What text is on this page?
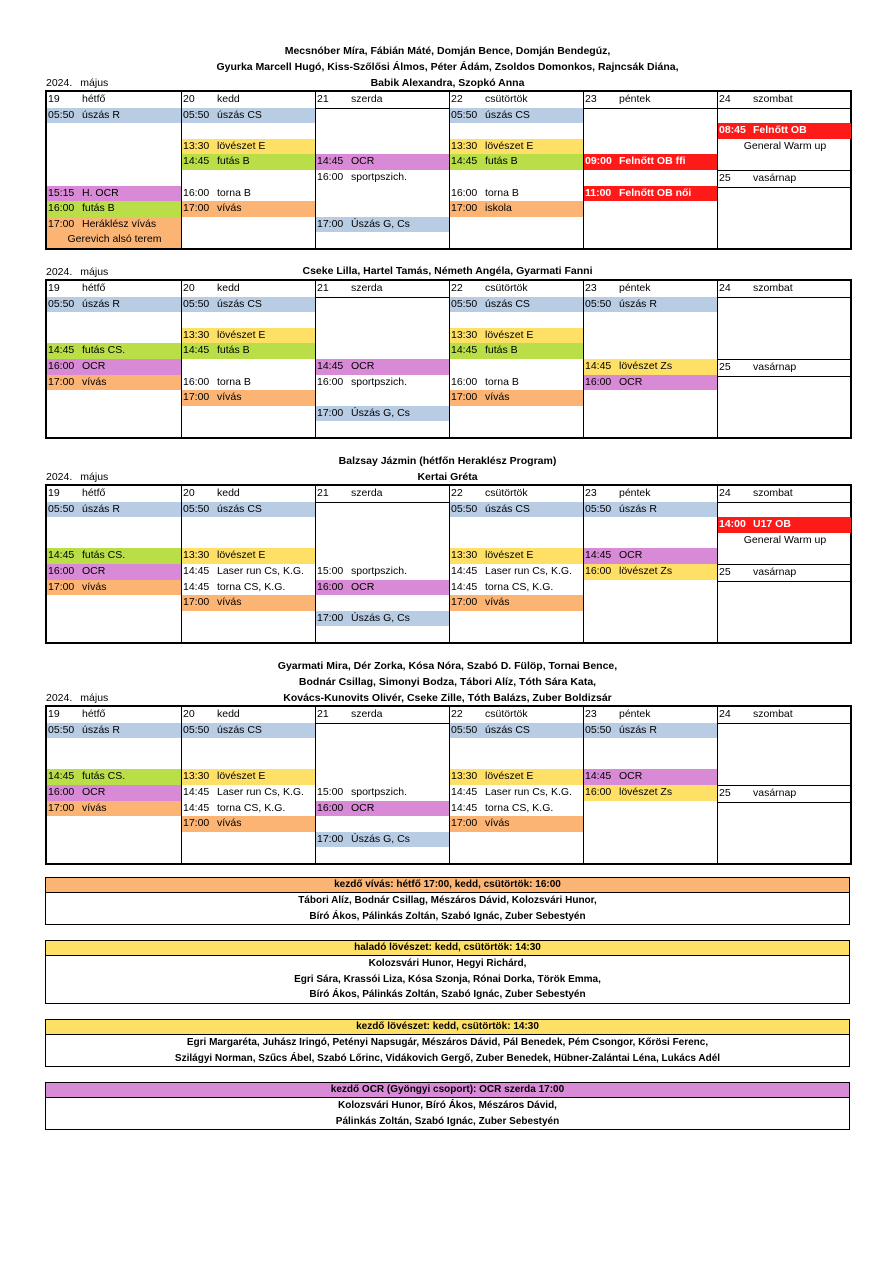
Mecsnóber Míra, Fábián Máté, Domján Bence, Domján Bendegúz,
Gyurka Marcell Hugó, Kiss-Szőlősi Álmos, Péter Ádám, Zsoldos Domonkos, Rajncsák Diána,
Babik Alexandra, Szopkó Anna
2024. május
19 hétfő
05:50 úszás R
15:15 H. OCR
16:00 futás B
17:00 Heráklész vívás
Gerevich alsó terem
20 kedd
05:50 úszás CS
13:30 lövészet E
14:45 futás B
16:00 torna B
17:00 vívás
21 szerda
14:45 OCR
16:00 sportpszich.
17:00 Úszás G, Cs
22 csütörtök
05:50 úszás CS
13:30 lövészet E
14:45 futás B
16:00 torna B
17:00 iskola
23 péntek
09:00 Felnőtt OB ffi
11:00 Felnőtt OB női
24 szombat
08:45 Felnőtt OB
General Warm up
25 vasárnap
2024. május	Cseke Lilla, Hartel Tamás, Németh Angéla, Gyarmati Fanni
19 hétfő
05:50 úszás R
14:45 futás CS.
16:00 OCR
17:00 vívás
20 kedd
05:50 úszás CS
13:30 lövészet E
14:45 futás B
16:00 torna B
17:00 vívás
21 szerda
14:45 OCR
16:00 sportpszich.
17:00 Úszás G, Cs
22 csütörtök
05:50 úszás CS
13:30 lövészet E
14:45 futás B
16:00 torna B
17:00 vívás
23 péntek
05:50 úszás R
14:45 lövészet Zs
16:00 OCR
24 szombat
25 vasárnap
Balzsay Jázmin (hétfőn Heraklész Program)
Kertai Gréta
2024. május
19 hétfő
05:50 úszás R
14:45 futás CS.
16:00 OCR
17:00 vívás
20 kedd
05:50 úszás CS
13:30 lövészet E
14:45 Laser run Cs, K.G.
14:45 torna CS, K.G.
17:00 vívás
21 szerda
15:00 sportpszich.
16:00 OCR
17:00 Úszás G, Cs
22 csütörtök
05:50 úszás CS
13:30 lövészet E
14:45 Laser run Cs, K.G.
14:45 torna CS, K.G.
17:00 vívás
23 péntek
05:50 úszás R
14:45 OCR
16:00 lövészet Zs
24 szombat
14:00 U17 OB
General Warm up
25 vasárnap
Gyarmati Mira, Dér Zorka, Kósa Nóra, Szabó D. Fülöp, Tornai Bence,
Bodnár Csillag, Simonyi Bodza, Tábori Alíz, Tóth Sára Kata,
Kovács-Kunovits Olivér, Cseke Zille, Tóth Balázs, Zuber Boldizsár
2024. május
19 hétfő
05:50 úszás R
14:45 futás CS.
16:00 OCR
17:00 vívás
20 kedd
05:50 úszás CS
13:30 lövészet E
14:45 Laser run Cs, K.G.
14:45 torna CS, K.G.
17:00 vívás
21 szerda
15:00 sportpszich.
16:00 OCR
17:00 Úszás G, Cs
22 csütörtök
05:50 úszás CS
13:30 lövészet E
14:45 Laser run Cs, K.G.
14:45 torna CS, K.G.
17:00 vívás
23 péntek
05:50 úszás R
14:45 OCR
16:00 lövészet Zs
24 szombat
25 vasárnap
kezdő vívás: hétfő 17:00, kedd, csütörtök: 16:00
Tábori Alíz, Bodnár Csillag, Mészáros Dávid, Kolozsvári Hunor,
Bíró Ákos, Pálinkás Zoltán, Szabó Ignác, Zuber Sebestyén
haladó lövészet: kedd, csütörtök: 14:30
Kolozsvári Hunor, Hegyi Richárd,
Egri Sára, Krassói Liza, Kósa Szonja, Rónai Dorka, Török Emma,
Bíró Ákos, Pálinkás Zoltán, Szabó Ignác, Zuber Sebestyén
kezdő lövészet: kedd, csütörtök: 14:30
Egri Margaréta, Juhász Iringó, Petényi Napsugár, Mészáros Dávid, Pál Benedek, Pém Csongor, Kőrösi Ferenc,
Szilágyi Norman, Szűcs Ábel, Szabó Lőrinc, Vidákovich Gergő, Zuber Benedek, Hübner-Zalántai Léna, Lukács Adél
kezdő OCR (Gyöngyi csoport): OCR szerda 17:00
Kolozsvári Hunor, Bíró Ákos, Mészáros Dávid,
Pálinkás Zoltán, Szabó Ignác, Zuber Sebestyén
